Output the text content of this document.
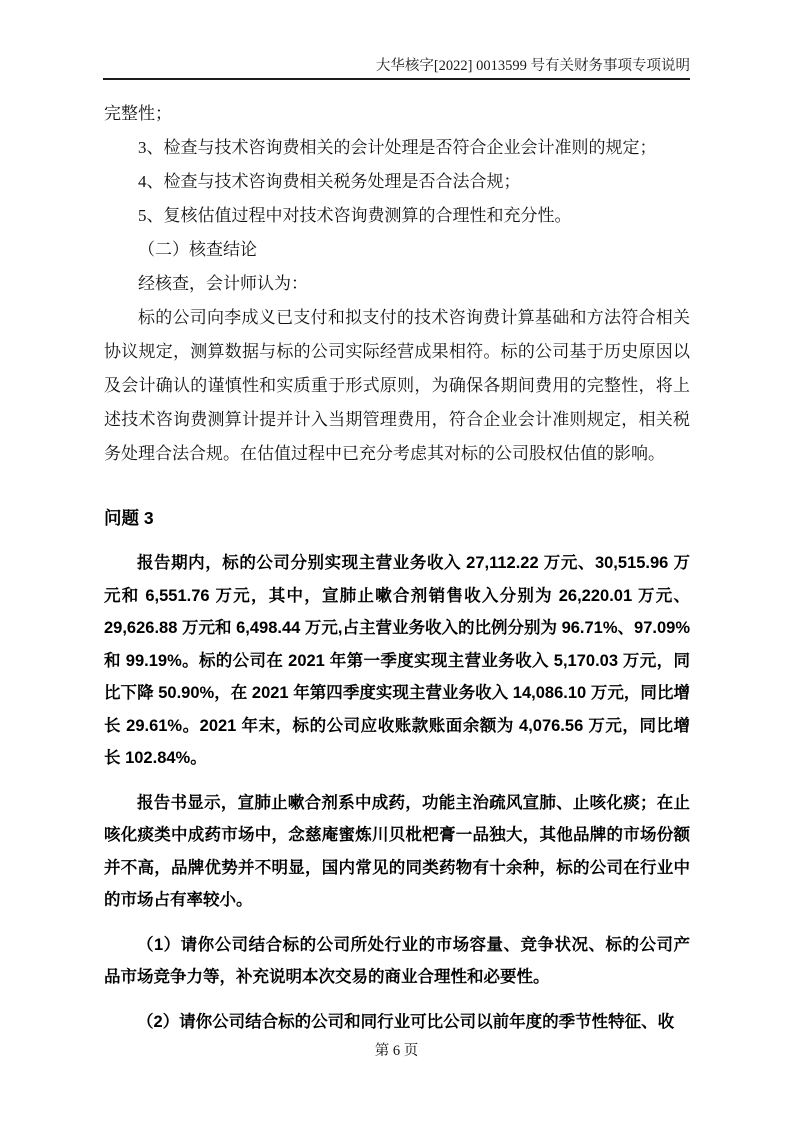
大华核字[2022] 0013599 号有关财务事项专项说明

完整性；

3、检查与技术咨询费相关的会计处理是否符合企业会计准则的规定；

4、检查与技术咨询费相关税务处理是否合法合规；

5、复核估值过程中对技术咨询费测算的合理性和充分性。

（二）核查结论

经核查，会计师认为：

标的公司向李成义已支付和拟支付的技术咨询费计算基础和方法符合相关协议规定，测算数据与标的公司实际经营成果相符。标的公司基于历史原因以及会计确认的谨慎性和实质重于形式原则，为确保各期间费用的完整性，将上述技术咨询费测算计提并计入当期管理费用，符合企业会计准则规定，相关税务处理合法合规。在估值过程中已充分考虑其对标的公司股权估值的影响。

问题 3

报告期内，标的公司分别实现主营业务收入 27,112.22 万元、30,515.96 万元和 6,551.76 万元，其中，宣肺止嗽合剂销售收入分别为 26,220.01 万元、29,626.88 万元和 6,498.44 万元,占主营业务收入的比例分别为 96.71%、97.09%和 99.19%。标的公司在 2021 年第一季度实现主营业务收入 5,170.03 万元，同比下降 50.90%，在 2021 年第四季度实现主营业务收入 14,086.10 万元，同比增长 29.61%。2021 年末，标的公司应收账款账面余额为 4,076.56 万元，同比增长 102.84%。

报告书显示，宣肺止嗽合剂系中成药，功能主治疏风宣肺、止咳化痰；在止咳化痰类中成药市场中，念慈庵蜜炼川贝枇杷膏一品独大，其他品牌的市场份额并不高，品牌优势并不明显，国内常见的同类药物有十余种，标的公司在行业中的市场占有率较小。

（1）请你公司结合标的公司所处行业的市场容量、竞争状况、标的公司产品市场竞争力等，补充说明本次交易的商业合理性和必要性。

（2）请你公司结合标的公司和同行业可比公司以前年度的季节性特征、收

第 6 页
